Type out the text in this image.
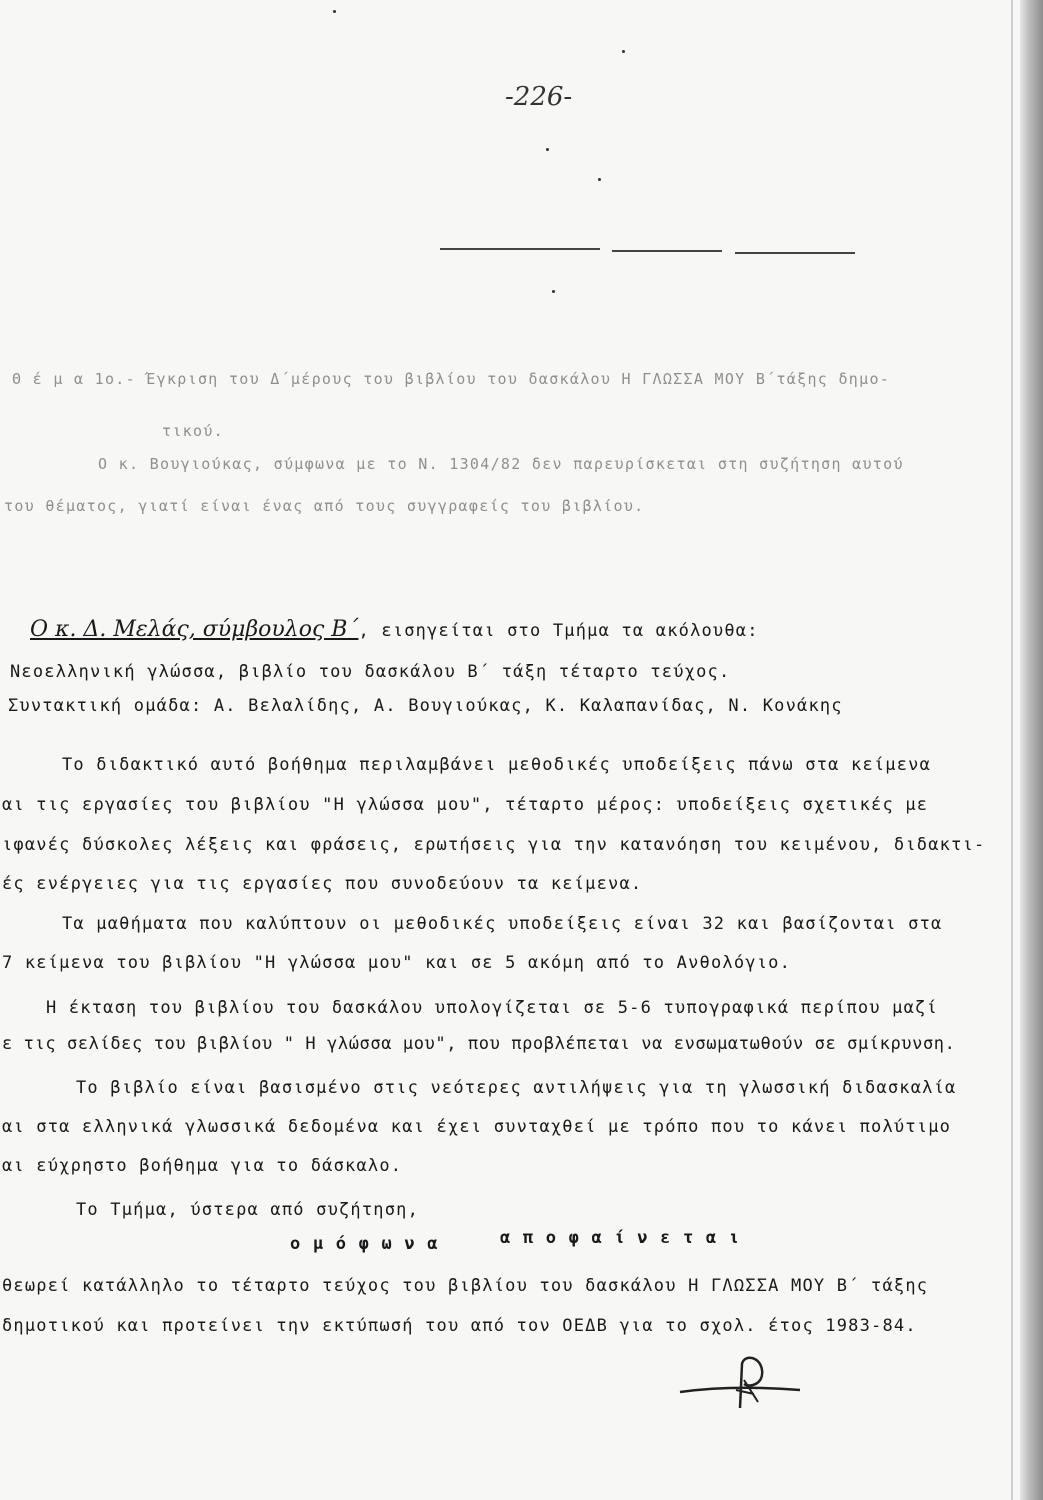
-226-
Θ έ μ α 1ο.- Έγκριση του Δ΄μέρους του βιβλίου του δασκάλου Η ΓΛΩΣΣΑ ΜΟΥ Β΄τάξης δημο-
τικού.
Ο κ. Βουγιούκας, σύμφωνα με το Ν. 1304/82 δεν παρευρίσκεται στη συζήτηση αυτού
του θέματος, γιατί είναι ένας από τους συγγραφείς του βιβλίου.
Ο κ. Δ. Μελάς, σύμβουλος Β΄, εισηγείται στο Τμήμα τα ακόλουθα:
Νεοελληνική γλώσσα, βιβλίο του δασκάλου Β΄ τάξη τέταρτο τεύχος.
Συντακτική ομάδα: Α. Βελαλίδης, Α. Βουγιούκας, Κ. Καλαπανίδας, Ν. Κονάκης
Το διδακτικό αυτό βοήθημα περιλαμβάνει μεθοδικές υποδείξεις πάνω στα κείμενα
αι τις εργασίες του βιβλίου "Η γλώσσα μου", τέταρτο μέρος: υποδείξεις σχετικές με
ιφανές δύσκολες λέξεις και φράσεις, ερωτήσεις για την κατανόηση του κειμένου, διδακτι-
ές ενέργειες για τις εργασίες που συνοδεύουν τα κείμενα.
Τα μαθήματα που καλύπτουν οι μεθοδικές υποδείξεις είναι 32 και βασίζονται στα
7 κείμενα του βιβλίου "Η γλώσσα μου" και σε 5 ακόμη από το Ανθολόγιο.
Η έκταση του βιβλίου του δασκάλου υπολογίζεται σε 5-6 τυπογραφικά περίπου μαζί
ε τις σελίδες του βιβλίου " Η γλώσσα μου", που προβλέπεται να ενσωματωθούν σε σμίκρυνση.
Το βιβλίο είναι βασισμένο στις νεότερες αντιλήψεις για τη γλωσσική διδασκαλία
αι στα ελληνικά γλωσσικά δεδομένα και έχει συνταχθεί με τρόπο που το κάνει πολύτιμο
αι εύχρηστο βοήθημα για το δάσκαλο.
Το Τμήμα, ύστερα από συζήτηση,
ο μ ό φ ω ν α	α π ο φ α ί ν ε τ α ι
θεωρεί κατάλληλο το τέταρτο τεύχος του βιβλίου του δασκάλου Η ΓΛΩΣΣΑ ΜΟΥ Β΄ τάξης
δημοτικού και προτείνει την εκτύπωσή του από τον ΟΕΔΒ για το σχολ. έτος 1983-84.
